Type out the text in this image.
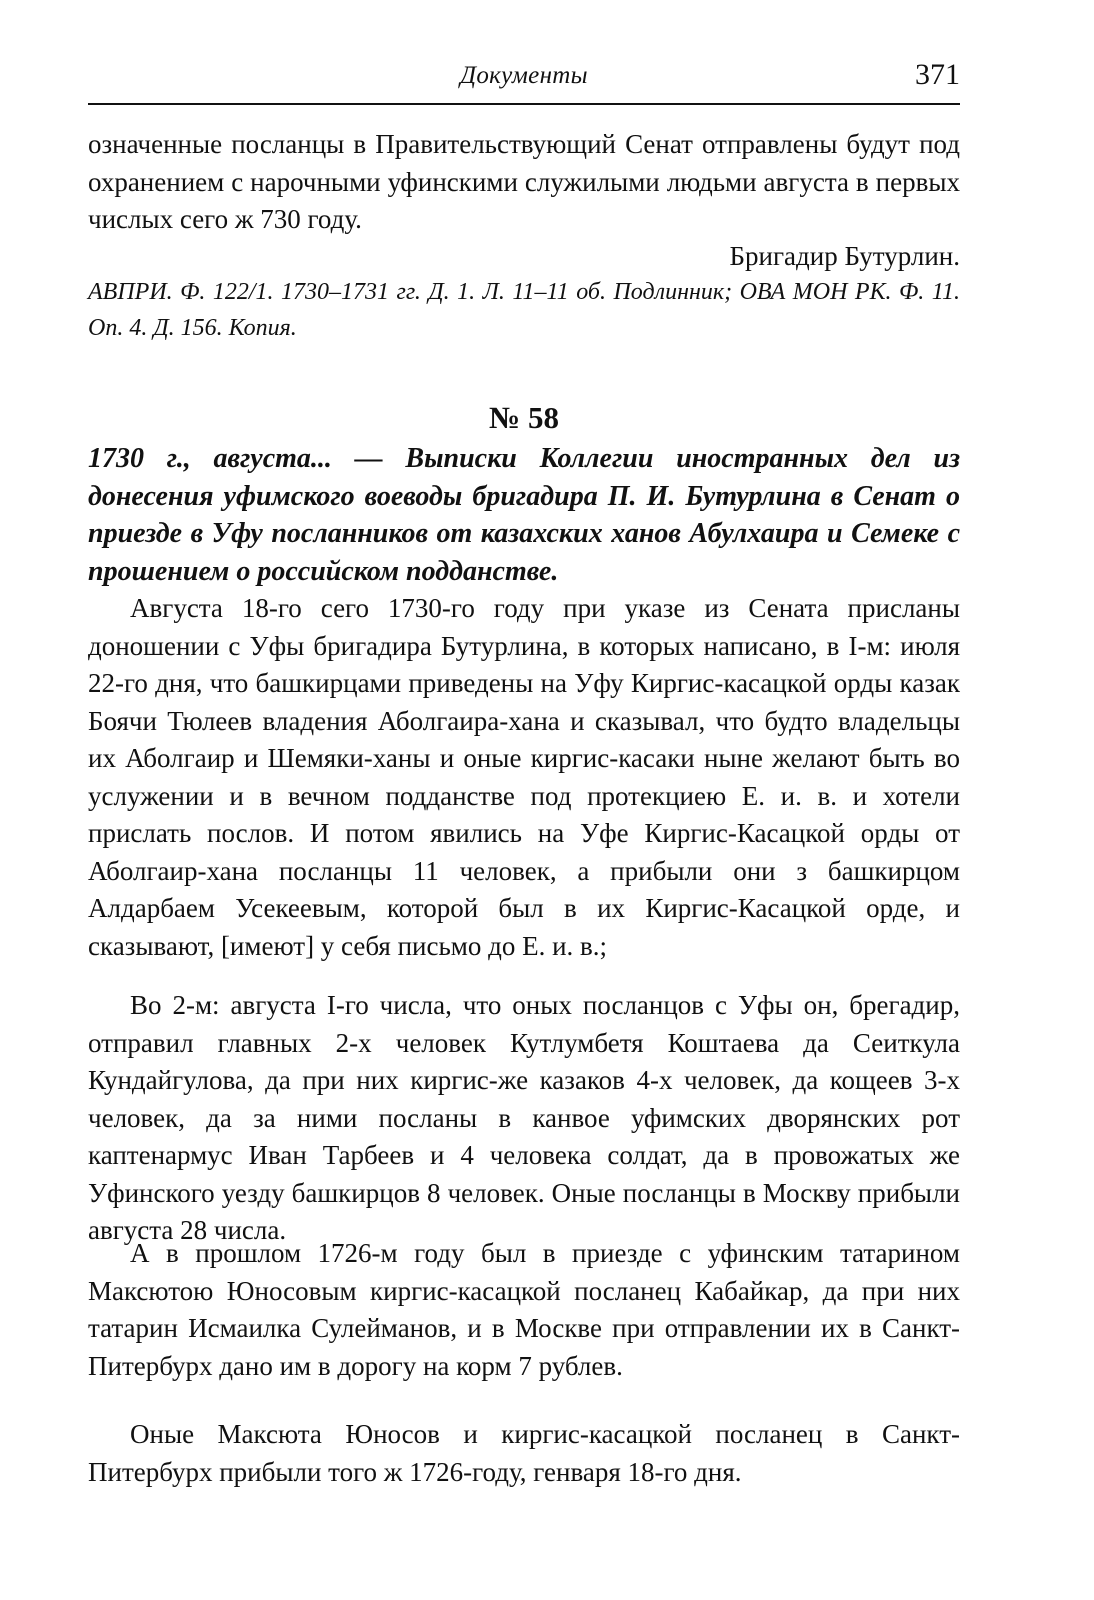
Документы	371

означенные посланцы в Правительствующий Сенат отправлены будут под охранением с нарочными уфинскими служилыми людьми августа в первых числых сего ж 730 году.

Бригадир Бутурлин.
АВПРИ. Ф. 122/1. 1730–1731 гг. Д. 1. Л. 11–11 об. Подлинник; ОВА МОН РК. Ф. 11. Оп. 4. Д. 156. Копия.
№ 58
1730 г., августа... — Выписки Коллегии иностранных дел из донесения уфимского воеводы бригадира П. И. Бутурлина в Сенат о приезде в Уфу посланников от казахских ханов Абулхаира и Семеке с прошением о российском подданстве.

Августа 18-го сего 1730-го году при указе из Сената присланы доношении с Уфы бригадира Бутурлина, в которых написано, в I-м: июля 22-го дня, что башкирцами приведены на Уфу Киргис-касацкой орды казак Боячи Тюлеев владения Аболгаира-хана и сказывал, что будто владельцы их Аболгаир и Шемяки-ханы и оные киргис-касаки ныне желают быть во услужении и в вечном подданстве под протекциею Е. и. в. и хотели прислать послов. И потом явились на Уфе Киргис-Касацкой орды от Аболгаир-хана посланцы 11 человек, а прибыли они з башкирцом Алдарбаем Усекеевым, которой был в их Киргис-Касацкой орде, и сказывают, [имеют] у себя письмо до Е. и. в.;

Во 2-м: августа I-го числа, что оных посланцов с Уфы он, брегадир, отправил главных 2-х человек Кутлумбетя Коштаева да Сеиткула Кундайгулова, да при них киргис-же казаков 4-х человек, да кощеев 3-х человек, да за ними посланы в канвое уфимских дворянских рот каптенармус Иван Тарбеев и 4 человека солдат, да в провожатых же Уфинского уезду башкирцов 8 человек. Оные посланцы в Москву прибыли августа 28 числа.

А в прошлом 1726-м году был в приезде с уфинским татарином Максютою Юносовым киргис-касацкой посланец Кабайкар, да при них татарин Исмаилка Сулейманов, и в Москве при отправлении их в Санкт-Питербурх дано им в дорогу на корм 7 рублев.

Оные Максюта Юносов и киргис-касацкой посланец в Санкт-Питербурх прибыли того ж 1726-году, генваря 18-го дня.
